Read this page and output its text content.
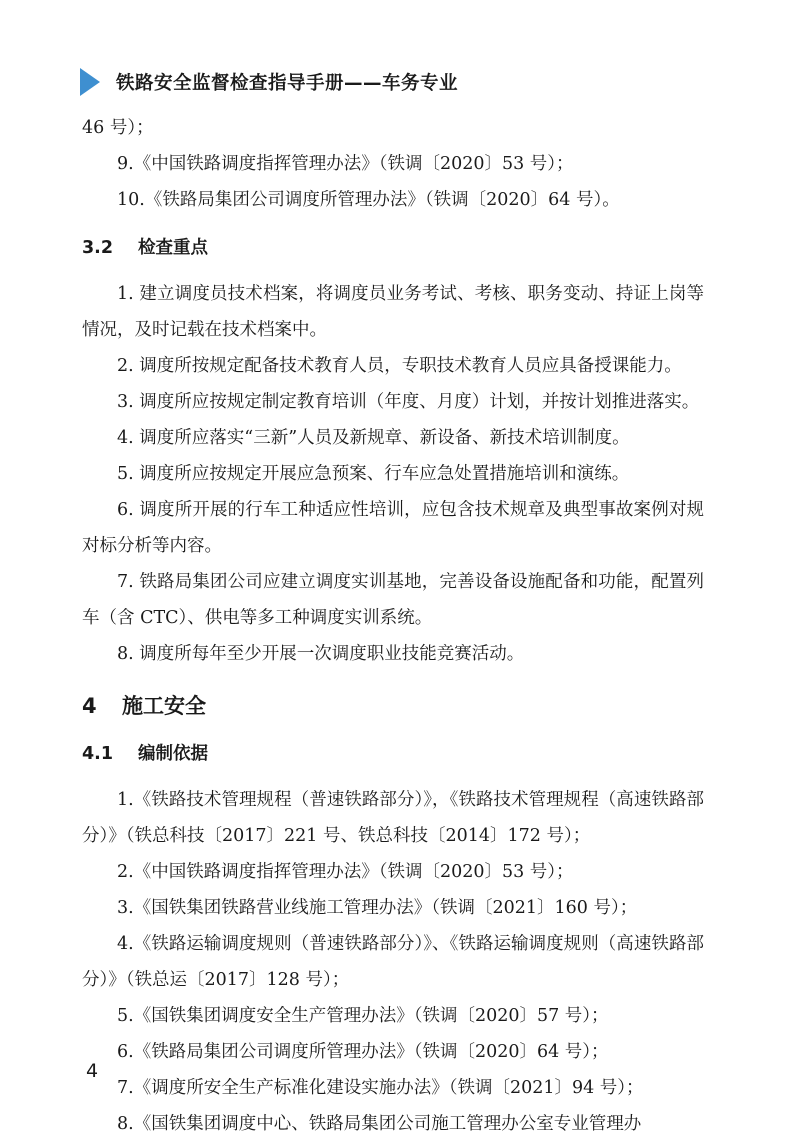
铁路安全监督检查指导手册——车务专业
46 号）；
9.《中国铁路调度指挥管理办法》（铁调〔2020〕53 号）；
10.《铁路局集团公司调度所管理办法》（铁调〔2020〕64 号）。
3.2 检查重点
1. 建立调度员技术档案，将调度员业务考试、考核、职务变动、持证上岗等情况，及时记载在技术档案中。
2. 调度所按规定配备技术教育人员，专职技术教育人员应具备授课能力。
3. 调度所应按规定制定教育培训（年度、月度）计划，并按计划推进落实。
4. 调度所应落实“三新”人员及新规章、新设备、新技术培训制度。
5. 调度所应按规定开展应急预案、行车应急处置措施培训和演练。
6. 调度所开展的行车工种适应性培训，应包含技术规章及典型事故案例对规对标分析等内容。
7. 铁路局集团公司应建立调度实训基地，完善设备设施配备和功能，配置列车（含 CTC）、供电等多工种调度实训系统。
8. 调度所每年至少开展一次调度职业技能竞赛活动。
4 施工安全
4.1 编制依据
1.《铁路技术管理规程（普速铁路部分）》，《铁路技术管理规程（高速铁路部分）》（铁总科技〔2017〕221 号、铁总科技〔2014〕172 号）；
2.《中国铁路调度指挥管理办法》（铁调〔2020〕53 号）；
3.《国铁集团铁路营业线施工管理办法》（铁调〔2021〕160 号）；
4.《铁路运输调度规则（普速铁路部分）》、《铁路运输调度规则（高速铁路部分）》（铁总运〔2017〕128 号）；
5.《国铁集团调度安全生产管理办法》（铁调〔2020〕57 号）；
6.《铁路局集团公司调度所管理办法》（铁调〔2020〕64 号）；
7.《调度所安全生产标准化建设实施办法》（铁调〔2021〕94 号）；
8.《国铁集团调度中心、铁路局集团公司施工管理办公室专业管理办
4
